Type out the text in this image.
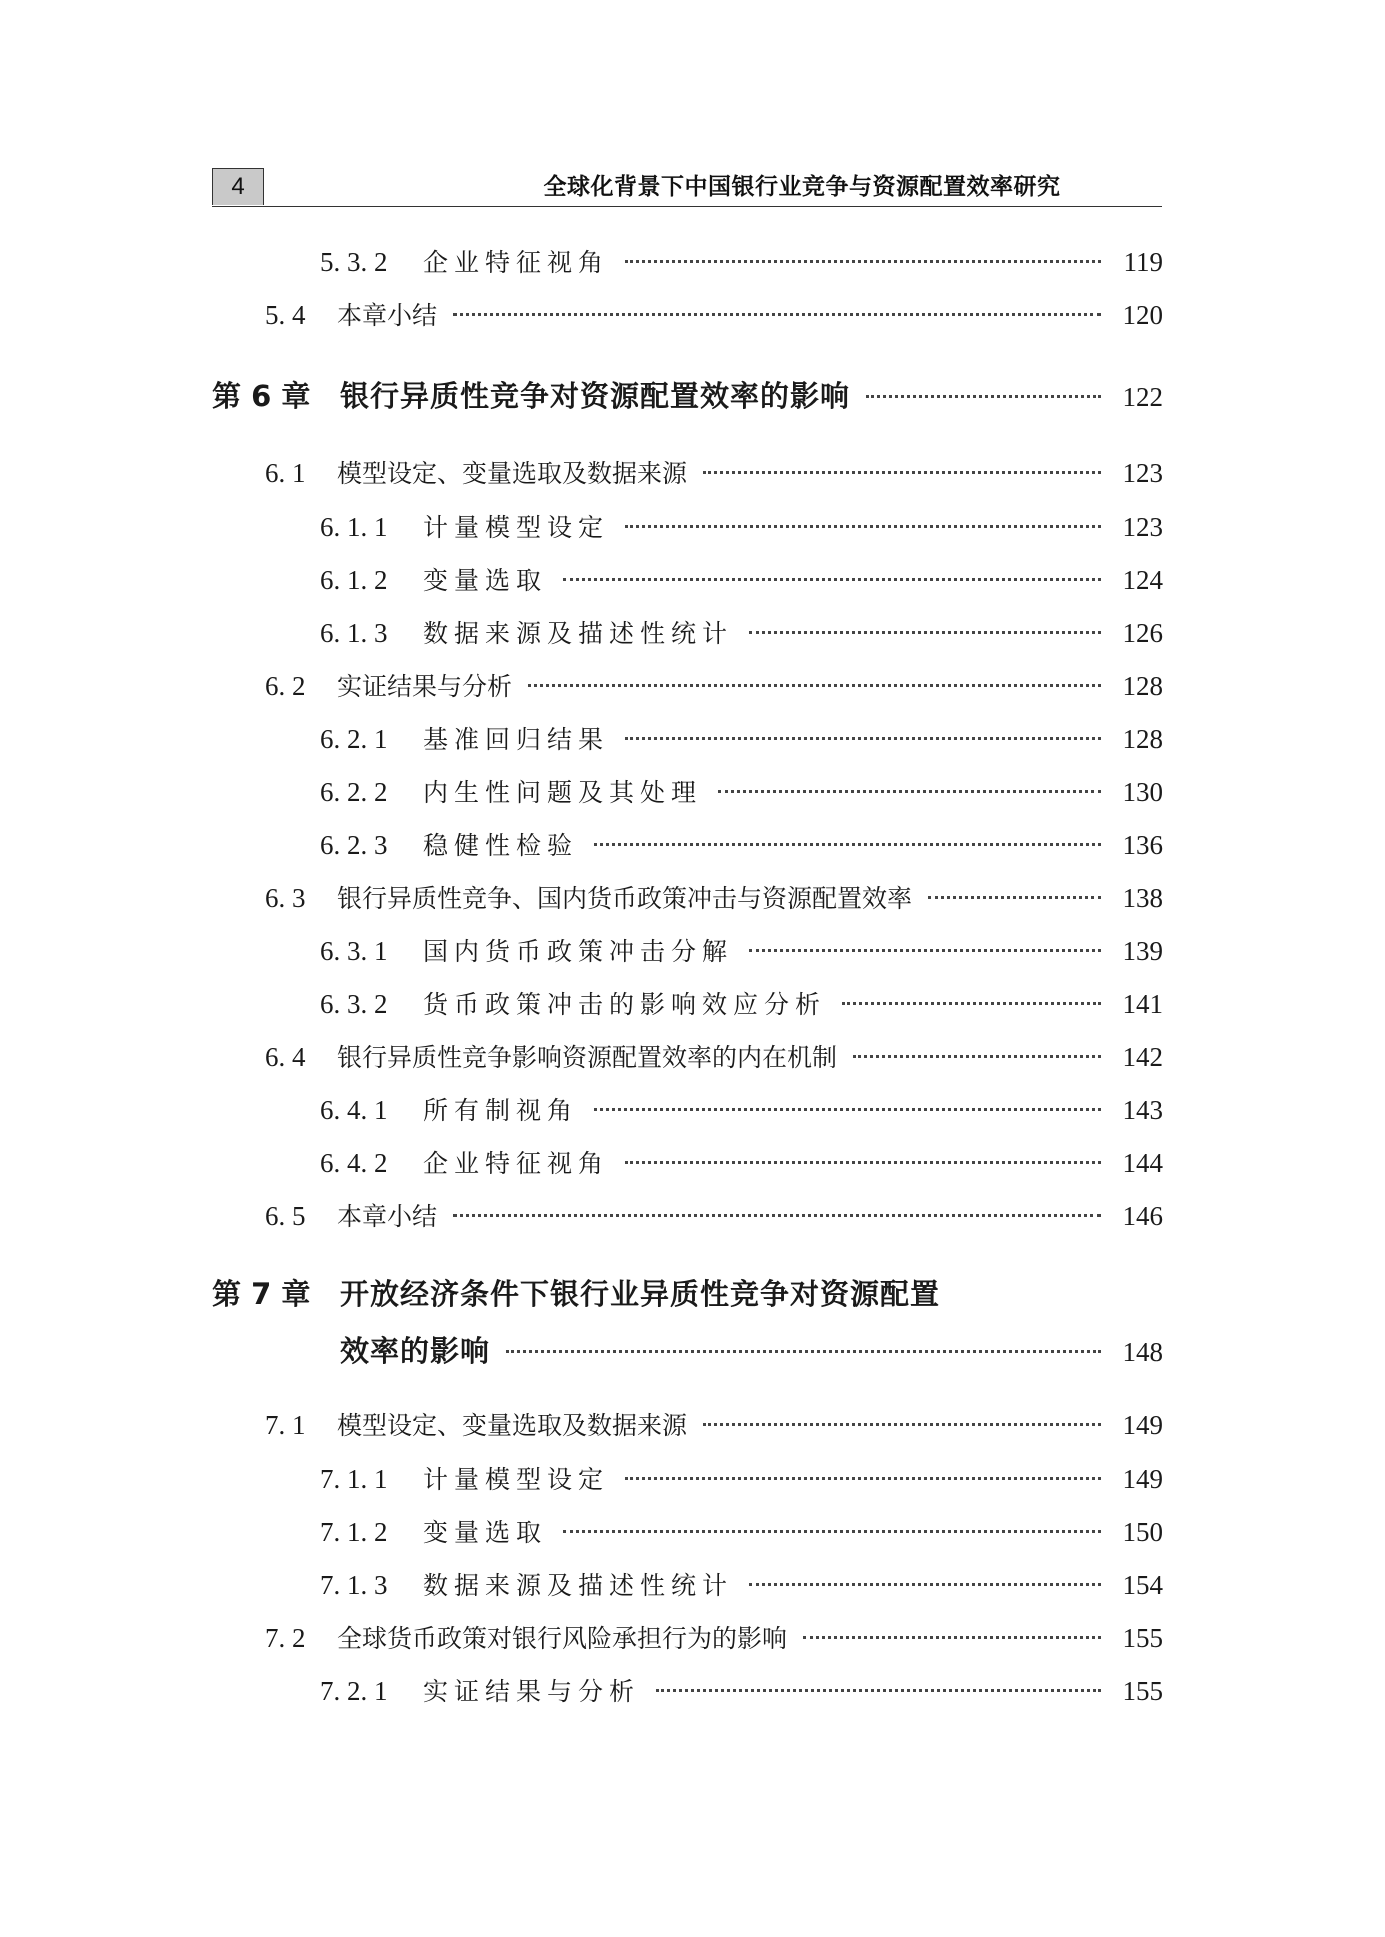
4	全球化背景下中国银行业竞争与资源配置效率研究
5. 3. 2 企业特征视角	119
5. 4 本章小结	120
第 6 章 银行异质性竞争对资源配置效率的影响	122
6. 1 模型设定、变量选取及数据来源	123
6. 1. 1 计量模型设定	123
6. 1. 2 变量选取	124
6. 1. 3 数据来源及描述性统计	126
6. 2 实证结果与分析	128
6. 2. 1 基准回归结果	128
6. 2. 2 内生性问题及其处理	130
6. 2. 3 稳健性检验	136
6. 3 银行异质性竞争、国内货币政策冲击与资源配置效率	138
6. 3. 1 国内货币政策冲击分解	139
6. 3. 2 货币政策冲击的影响效应分析	141
6. 4 银行异质性竞争影响资源配置效率的内在机制	142
6. 4. 1 所有制视角	143
6. 4. 2 企业特征视角	144
6. 5 本章小结	146
第 7 章 开放经济条件下银行业异质性竞争对资源配置
效率的影响	148
7. 1 模型设定、变量选取及数据来源	149
7. 1. 1 计量模型设定	149
7. 1. 2 变量选取	150
7. 1. 3 数据来源及描述性统计	154
7. 2 全球货币政策对银行风险承担行为的影响	155
7. 2. 1 实证结果与分析	155
